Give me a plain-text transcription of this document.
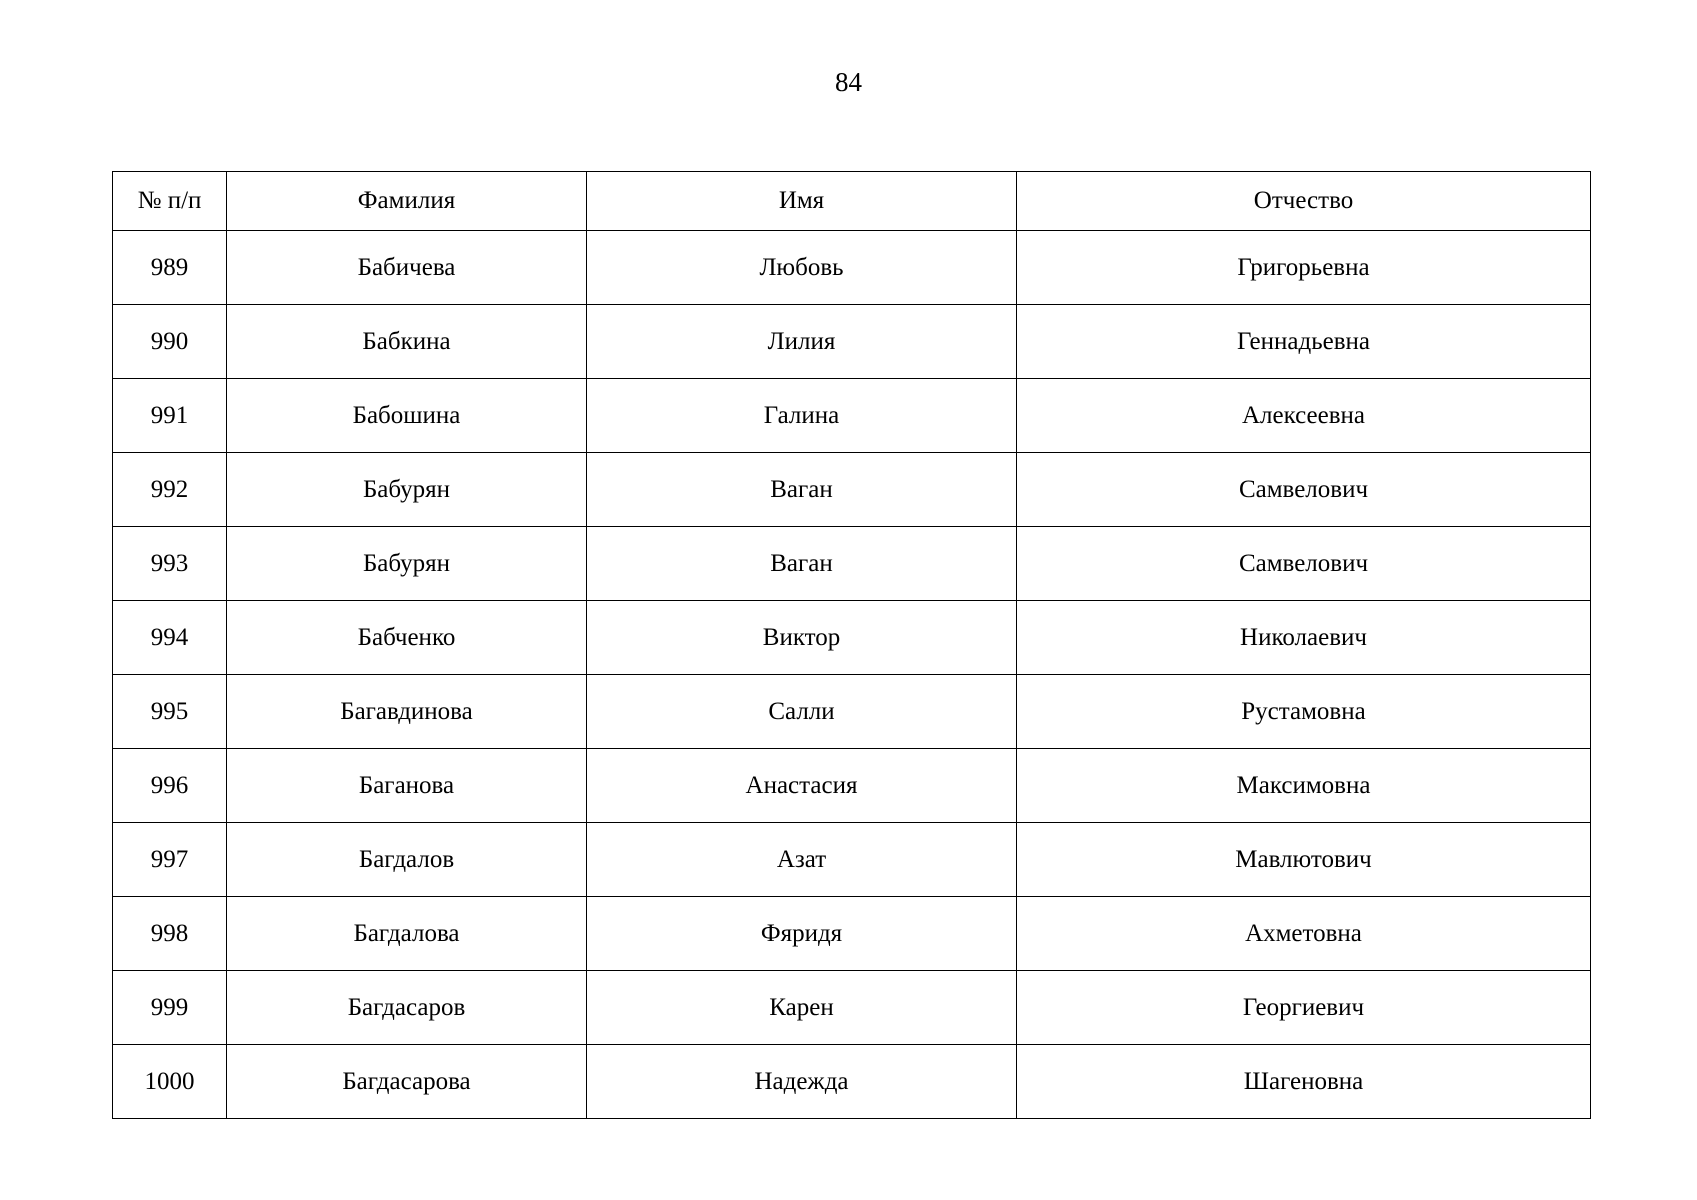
84
№ п/п	Фамилия	Имя	Отчество
989	Бабичева	Любовь	Григорьевна
990	Бабкина	Лилия	Геннадьевна
991	Бабошина	Галина	Алексеевна
992	Бабурян	Ваган	Самвелович
993	Бабурян	Ваган	Самвелович
994	Бабченко	Виктор	Николаевич
995	Багавдинова	Салли	Рустамовна
996	Баганова	Анастасия	Максимовна
997	Багдалов	Азат	Мавлютович
998	Багдалова	Фяридя	Ахметовна
999	Багдасаров	Карен	Георгиевич
1000	Багдасарова	Надежда	Шагеновна
